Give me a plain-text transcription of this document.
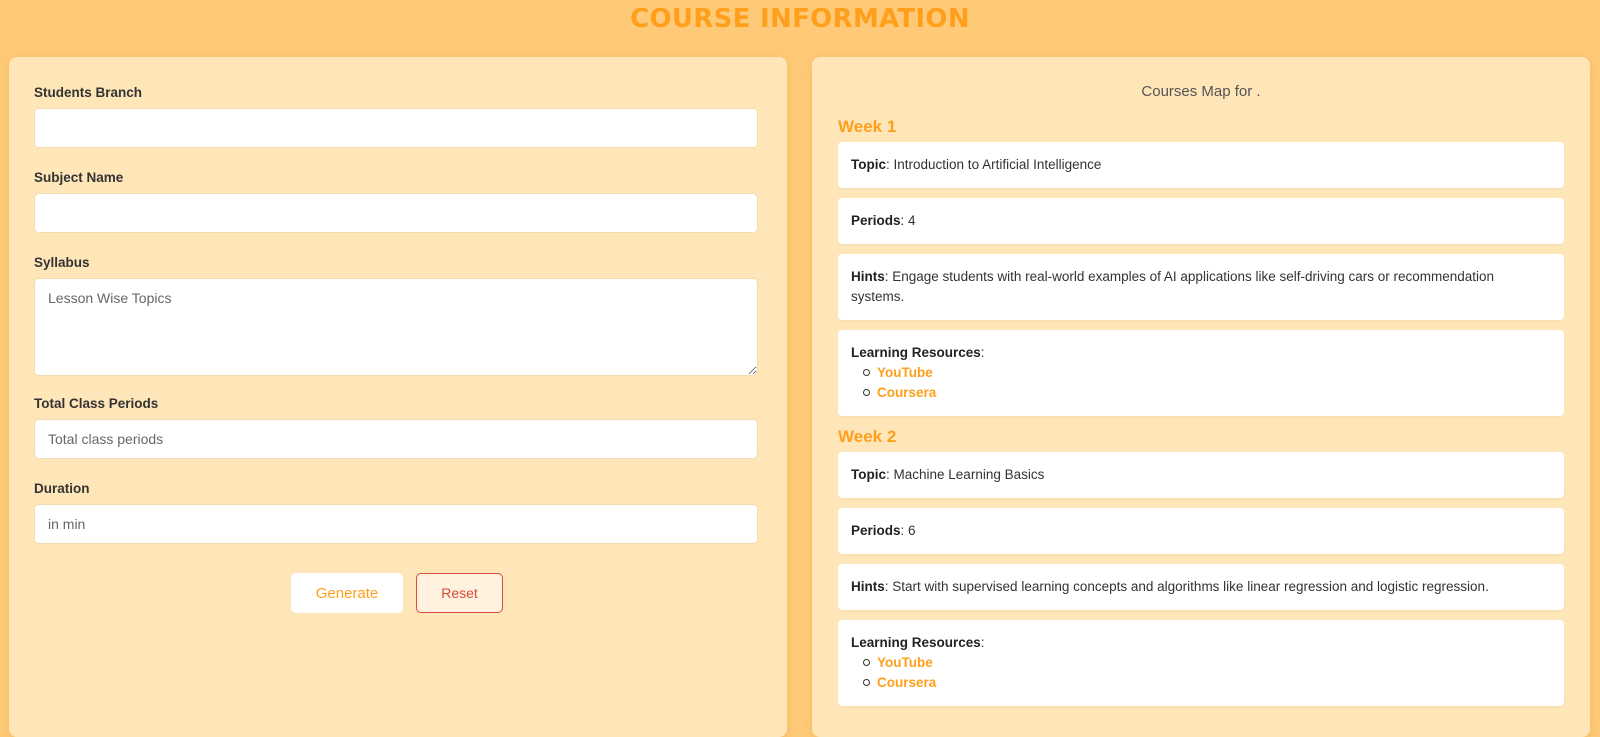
COURSE INFORMATION
Students Branch
Subject Name
Syllabus
Lesson Wise Topics
Total Class Periods
Total class periods
Duration
in min
Generate	Reset
Courses Map for .
Week 1
Topic: Introduction to Artificial Intelligence
Periods: 4
Hints: Engage students with real-world examples of AI applications like self-driving cars or recommendation systems.
Learning Resources:
YouTube
Coursera
Week 2
Topic: Machine Learning Basics
Periods: 6
Hints: Start with supervised learning concepts and algorithms like linear regression and logistic regression.
Learning Resources:
YouTube
Coursera
